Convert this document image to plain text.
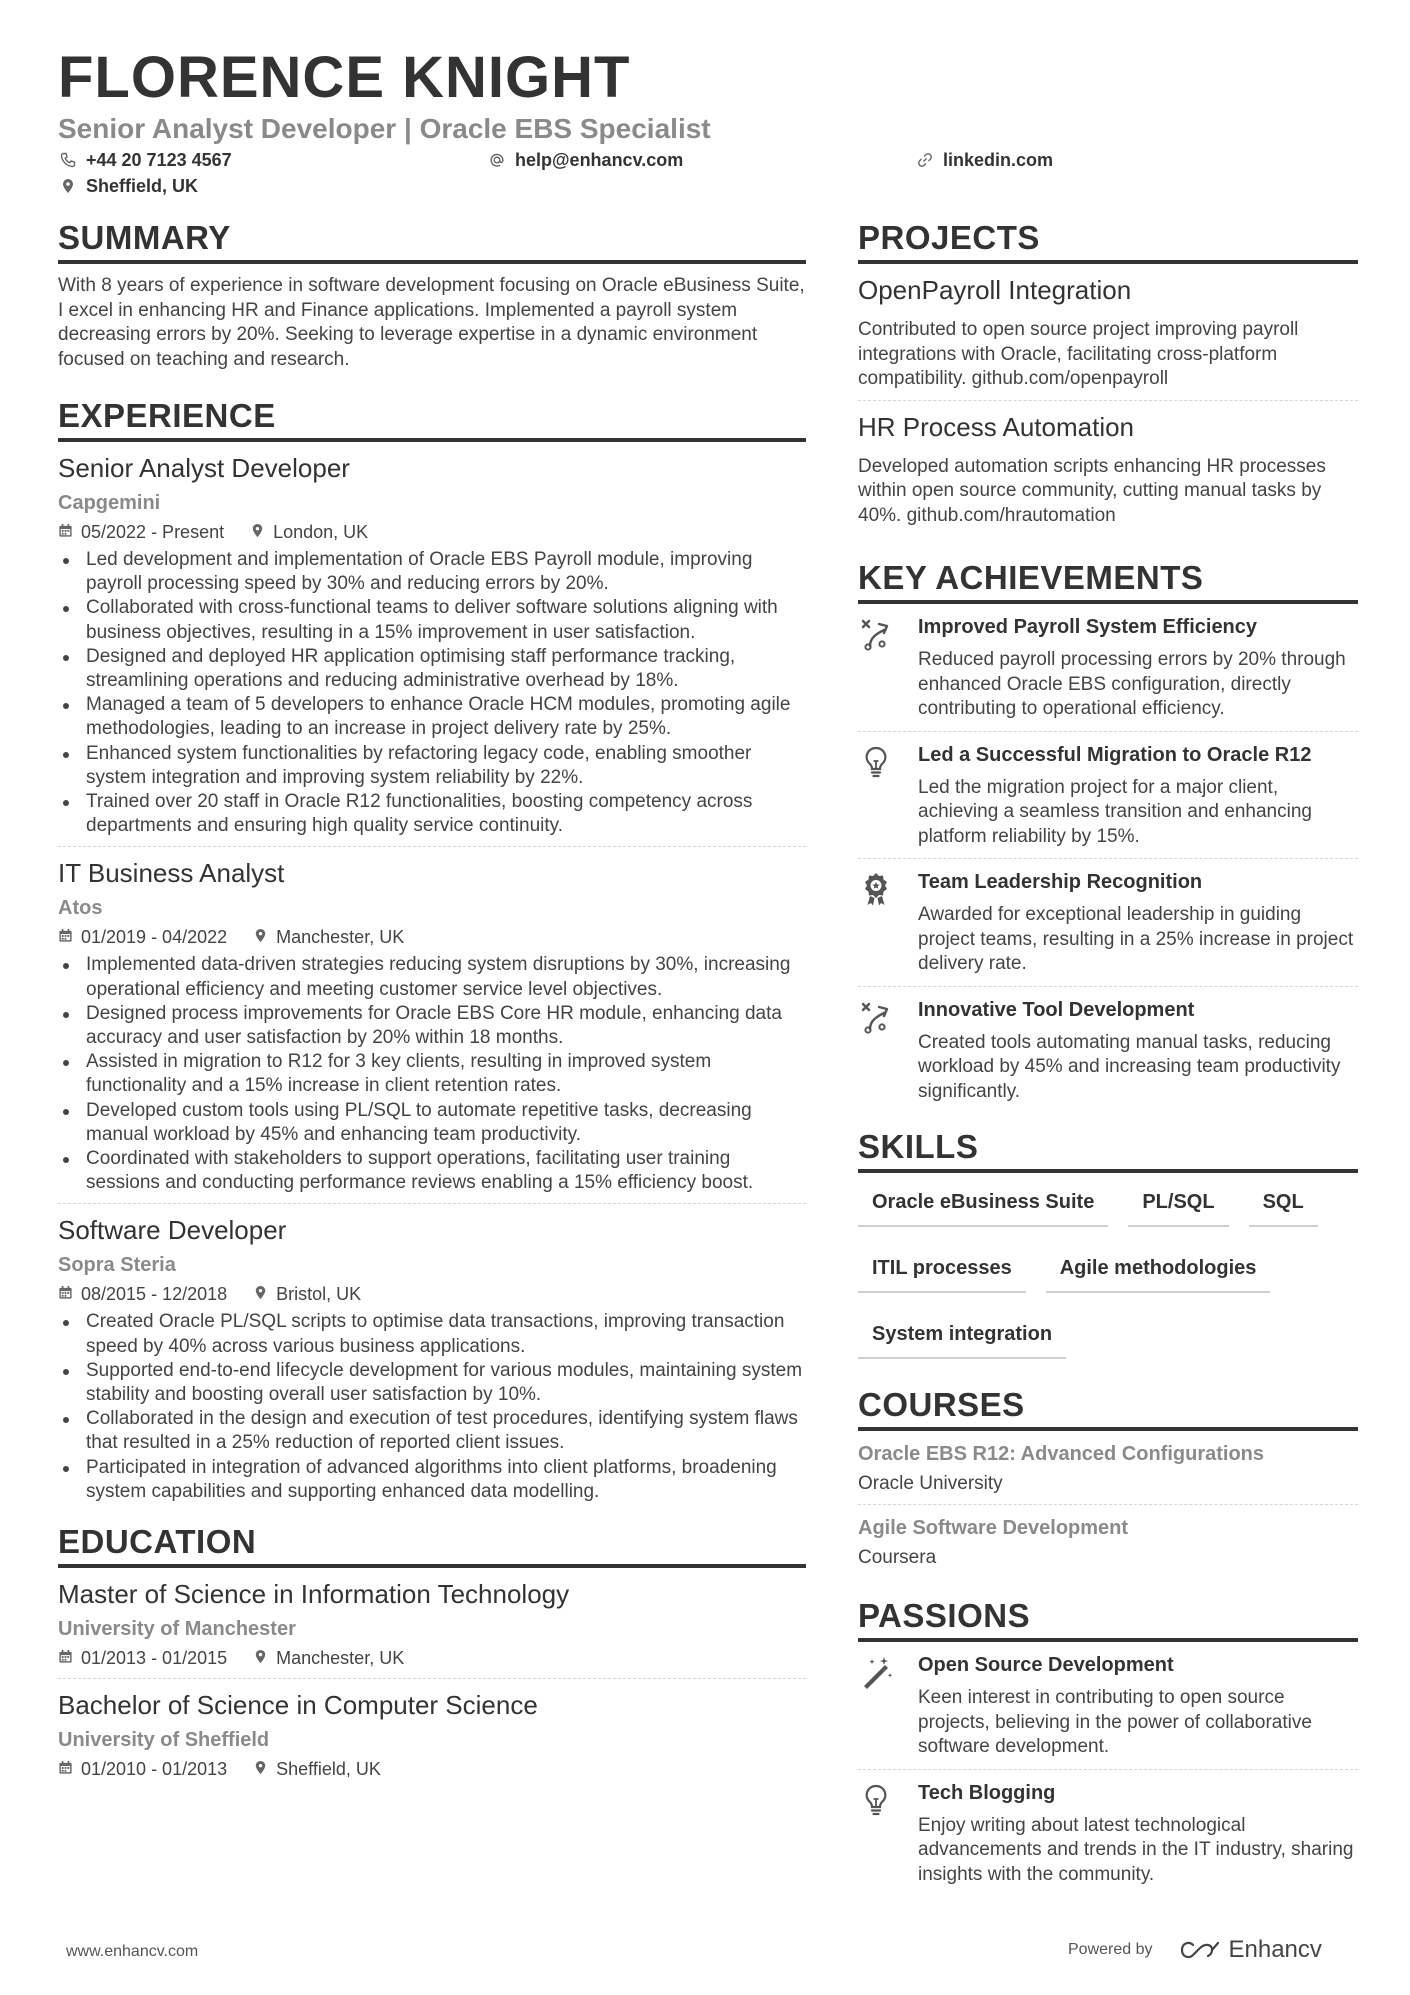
FLORENCE KNIGHT
Senior Analyst Developer | Oracle EBS Specialist
+44 20 7123 4567	help@enhancv.com	linkedin.com
Sheffield, UK
SUMMARY
With 8 years of experience in software development focusing on Oracle eBusiness Suite, I excel in enhancing HR and Finance applications. Implemented a payroll system decreasing errors by 20%. Seeking to leverage expertise in a dynamic environment focused on teaching and research.
EXPERIENCE
Senior Analyst Developer
Capgemini
05/2022 - Present	London, UK
Led development and implementation of Oracle EBS Payroll module, improving payroll processing speed by 30% and reducing errors by 20%.
Collaborated with cross-functional teams to deliver software solutions aligning with business objectives, resulting in a 15% improvement in user satisfaction.
Designed and deployed HR application optimising staff performance tracking, streamlining operations and reducing administrative overhead by 18%.
Managed a team of 5 developers to enhance Oracle HCM modules, promoting agile methodologies, leading to an increase in project delivery rate by 25%.
Enhanced system functionalities by refactoring legacy code, enabling smoother system integration and improving system reliability by 22%.
Trained over 20 staff in Oracle R12 functionalities, boosting competency across departments and ensuring high quality service continuity.
IT Business Analyst
Atos
01/2019 - 04/2022	Manchester, UK
Implemented data-driven strategies reducing system disruptions by 30%, increasing operational efficiency and meeting customer service level objectives.
Designed process improvements for Oracle EBS Core HR module, enhancing data accuracy and user satisfaction by 20% within 18 months.
Assisted in migration to R12 for 3 key clients, resulting in improved system functionality and a 15% increase in client retention rates.
Developed custom tools using PL/SQL to automate repetitive tasks, decreasing manual workload by 45% and enhancing team productivity.
Coordinated with stakeholders to support operations, facilitating user training sessions and conducting performance reviews enabling a 15% efficiency boost.
Software Developer
Sopra Steria
08/2015 - 12/2018	Bristol, UK
Created Oracle PL/SQL scripts to optimise data transactions, improving transaction speed by 40% across various business applications.
Supported end-to-end lifecycle development for various modules, maintaining system stability and boosting overall user satisfaction by 10%.
Collaborated in the design and execution of test procedures, identifying system flaws that resulted in a 25% reduction of reported client issues.
Participated in integration of advanced algorithms into client platforms, broadening system capabilities and supporting enhanced data modelling.
EDUCATION
Master of Science in Information Technology
University of Manchester
01/2013 - 01/2015	Manchester, UK
Bachelor of Science in Computer Science
University of Sheffield
01/2010 - 01/2013	Sheffield, UK
PROJECTS
OpenPayroll Integration
Contributed to open source project improving payroll integrations with Oracle, facilitating cross-platform compatibility. github.com/openpayroll
HR Process Automation
Developed automation scripts enhancing HR processes within open source community, cutting manual tasks by 40%. github.com/hrautomation
KEY ACHIEVEMENTS
Improved Payroll System Efficiency
Reduced payroll processing errors by 20% through enhanced Oracle EBS configuration, directly contributing to operational efficiency.
Led a Successful Migration to Oracle R12
Led the migration project for a major client, achieving a seamless transition and enhancing platform reliability by 15%.
Team Leadership Recognition
Awarded for exceptional leadership in guiding project teams, resulting in a 25% increase in project delivery rate.
Innovative Tool Development
Created tools automating manual tasks, reducing workload by 45% and increasing team productivity significantly.
SKILLS
Oracle eBusiness Suite	PL/SQL	SQL
ITIL processes	Agile methodologies
System integration
COURSES
Oracle EBS R12: Advanced Configurations
Oracle University
Agile Software Development
Coursera
PASSIONS
Open Source Development
Keen interest in contributing to open source projects, believing in the power of collaborative software development.
Tech Blogging
Enjoy writing about latest technological advancements and trends in the IT industry, sharing insights with the community.
www.enhancv.com	Powered by	Enhancv
